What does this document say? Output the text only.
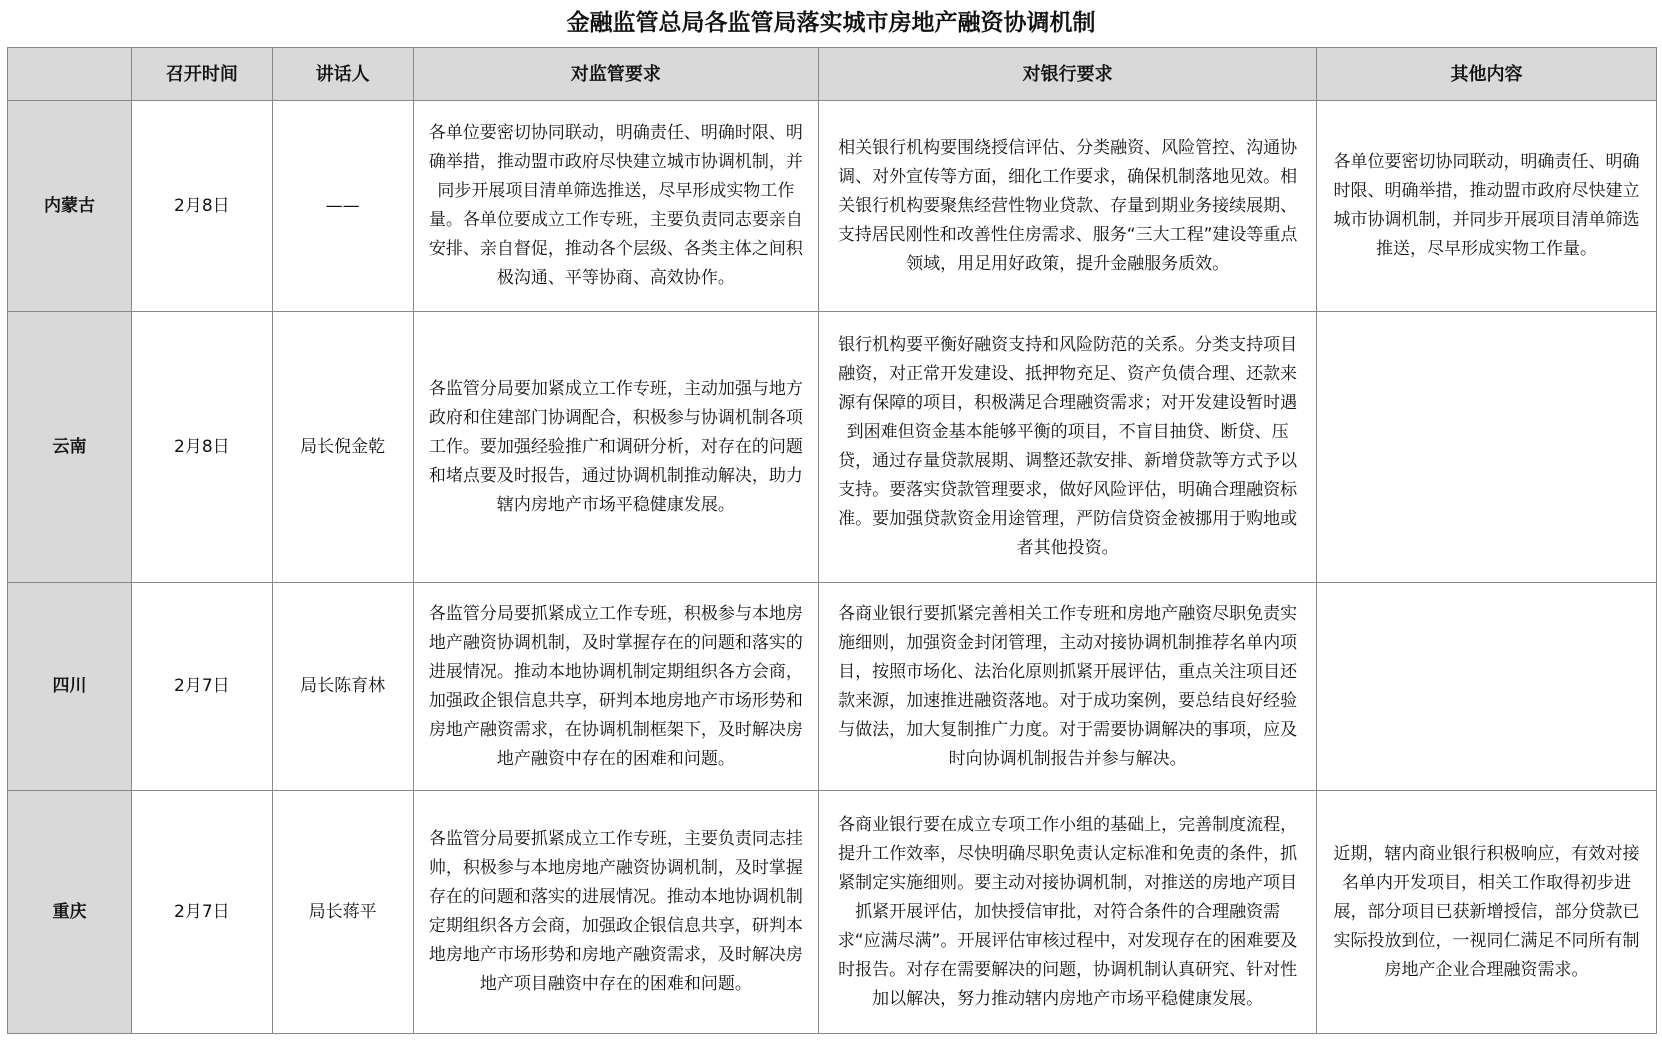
金融监管总局各监管局落实城市房地产融资协调机制
	召开时间	讲话人	对监管要求	对银行要求	其他内容
内蒙古	2月8日	——	各单位要密切协同联动，明确责任、明确时限、明确举措，推动盟市政府尽快建立城市协调机制，并同步开展项目清单筛选推送，尽早形成实物工作量。各单位要成立工作专班，主要负责同志要亲自安排、亲自督促，推动各个层级、各类主体之间积极沟通、平等协商、高效协作。	相关银行机构要围绕授信评估、分类融资、风险管控、沟通协调、对外宣传等方面，细化工作要求，确保机制落地见效。相关银行机构要聚焦经营性物业贷款、存量到期业务接续展期、支持居民刚性和改善性住房需求、服务“三大工程”建设等重点领域，用足用好政策，提升金融服务质效。	各单位要密切协同联动，明确责任、明确时限、明确举措，推动盟市政府尽快建立城市协调机制，并同步开展项目清单筛选推送，尽早形成实物工作量。
云南	2月8日	局长倪金乾	各监管分局要加紧成立工作专班，主动加强与地方政府和住建部门协调配合，积极参与协调机制各项工作。要加强经验推广和调研分析，对存在的问题和堵点要及时报告，通过协调机制推动解决，助力辖内房地产市场平稳健康发展。	银行机构要平衡好融资支持和风险防范的关系。分类支持项目融资，对正常开发建设、抵押物充足、资产负债合理、还款来源有保障的项目，积极满足合理融资需求；对开发建设暂时遇到困难但资金基本能够平衡的项目，不盲目抽贷、断贷、压贷，通过存量贷款展期、调整还款安排、新增贷款等方式予以支持。要落实贷款管理要求，做好风险评估，明确合理融资标准。要加强贷款资金用途管理，严防信贷资金被挪用于购地或者其他投资。	
四川	2月7日	局长陈育林	各监管分局要抓紧成立工作专班，积极参与本地房地产融资协调机制，及时掌握存在的问题和落实的进展情况。推动本地协调机制定期组织各方会商，加强政企银信息共享，研判本地房地产市场形势和房地产融资需求，在协调机制框架下，及时解决房地产融资中存在的困难和问题。	各商业银行要抓紧完善相关工作专班和房地产融资尽职免责实施细则，加强资金封闭管理，主动对接协调机制推荐名单内项目，按照市场化、法治化原则抓紧开展评估，重点关注项目还款来源，加速推进融资落地。对于成功案例，要总结良好经验与做法，加大复制推广力度。对于需要协调解决的事项，应及时向协调机制报告并参与解决。	
重庆	2月7日	局长蒋平	各监管分局要抓紧成立工作专班，主要负责同志挂帅，积极参与本地房地产融资协调机制，及时掌握存在的问题和落实的进展情况。推动本地协调机制定期组织各方会商，加强政企银信息共享，研判本地房地产市场形势和房地产融资需求，及时解决房地产项目融资中存在的困难和问题。	各商业银行要在成立专项工作小组的基础上，完善制度流程，提升工作效率，尽快明确尽职免责认定标准和免责的条件，抓紧制定实施细则。要主动对接协调机制，对推送的房地产项目抓紧开展评估，加快授信审批，对符合条件的合理融资需求“应满尽满”。开展评估审核过程中，对发现存在的困难要及时报告。对存在需要解决的问题，协调机制认真研究、针对性加以解决，努力推动辖内房地产市场平稳健康发展。	近期，辖内商业银行积极响应，有效对接名单内开发项目，相关工作取得初步进展，部分项目已获新增授信，部分贷款已实际投放到位，一视同仁满足不同所有制房地产企业合理融资需求。
